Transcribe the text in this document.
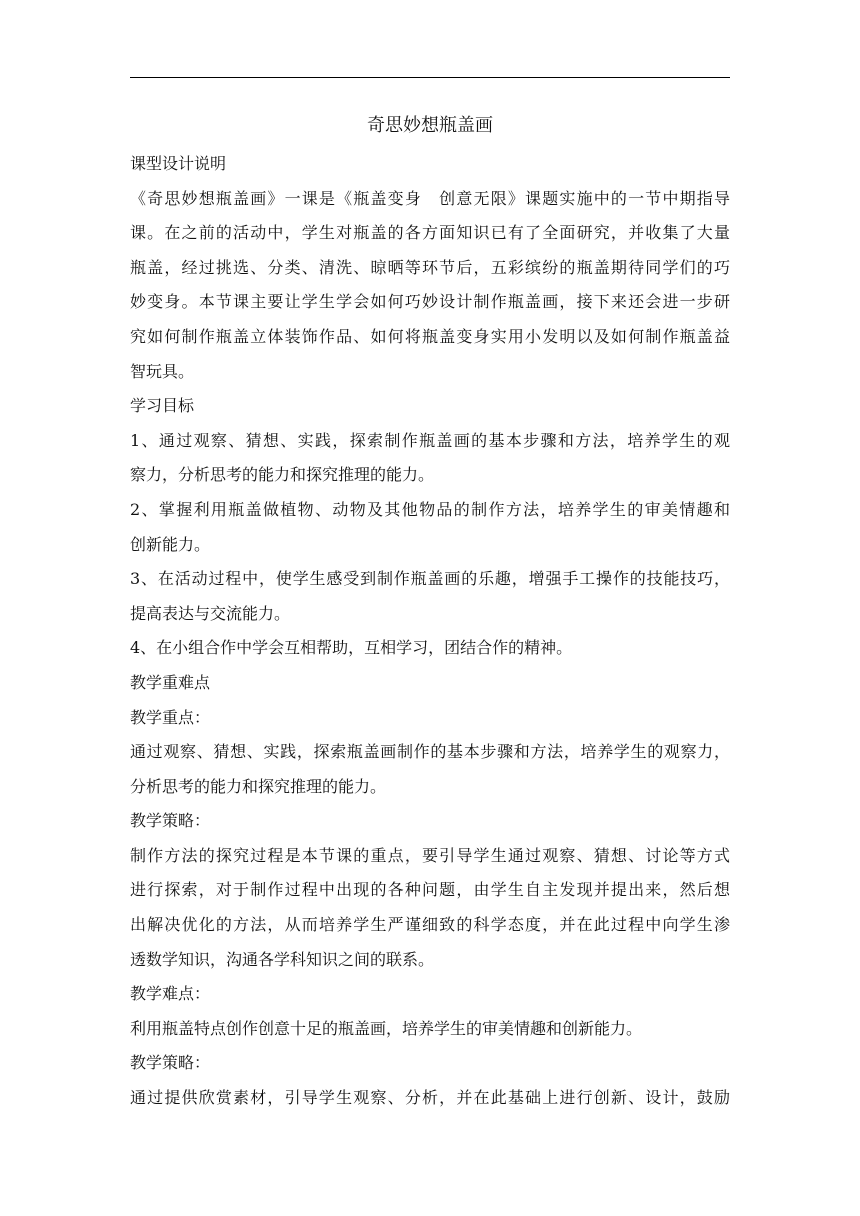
奇思妙想瓶盖画

课型设计说明

《奇思妙想瓶盖画》一课是《瓶盖变身　创意无限》课题实施中的一节中期指导

课。在之前的活动中，学生对瓶盖的各方面知识已有了全面研究，并收集了大量

瓶盖，经过挑选、分类、清洗、晾晒等环节后，五彩缤纷的瓶盖期待同学们的巧

妙变身。本节课主要让学生学会如何巧妙设计制作瓶盖画，接下来还会进一步研

究如何制作瓶盖立体装饰作品、如何将瓶盖变身实用小发明以及如何制作瓶盖益

智玩具。

学习目标

1、通过观察、猜想、实践，探索制作瓶盖画的基本步骤和方法，培养学生的观

察力，分析思考的能力和探究推理的能力。

2、掌握利用瓶盖做植物、动物及其他物品的制作方法，培养学生的审美情趣和

创新能力。

3、在活动过程中，使学生感受到制作瓶盖画的乐趣，增强手工操作的技能技巧，

提高表达与交流能力。

4、在小组合作中学会互相帮助，互相学习，团结合作的精神。

教学重难点

教学重点：

通过观察、猜想、实践，探索瓶盖画制作的基本步骤和方法，培养学生的观察力，

分析思考的能力和探究推理的能力。

教学策略：

制作方法的探究过程是本节课的重点，要引导学生通过观察、猜想、讨论等方式

进行探索，对于制作过程中出现的各种问题，由学生自主发现并提出来，然后想

出解决优化的方法，从而培养学生严谨细致的科学态度，并在此过程中向学生渗

透数学知识，沟通各学科知识之间的联系。

教学难点：

利用瓶盖特点创作创意十足的瓶盖画，培养学生的审美情趣和创新能力。

教学策略：

通过提供欣赏素材，引导学生观察、分析，并在此基础上进行创新、设计，鼓励
